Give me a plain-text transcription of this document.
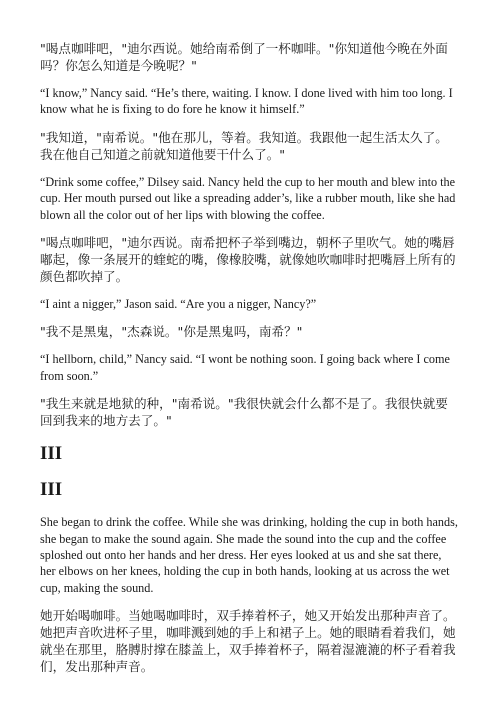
"喝点咖啡吧，"迪尔西说。她给南希倒了一杯咖啡。"你知道他今晚在外面吗？你怎么知道是今晚呢？"

“I know,” Nancy said. “He’s there, waiting. I know. I done lived with him too long. I know what he is fixing to do fore he know it himself.”

"我知道，"南希说。"他在那儿，等着。我知道。我跟他一起生活太久了。我在他自己知道之前就知道他要干什么了。"

“Drink some coffee,” Dilsey said. Nancy held the cup to her mouth and blew into the cup. Her mouth pursed out like a spreading adder’s, like a rubber mouth, like she had blown all the color out of her lips with blowing the coffee.

"喝点咖啡吧，"迪尔西说。南希把杯子举到嘴边，朝杯子里吹气。她的嘴唇嘟起，像一条展开的蝰蛇的嘴，像橡胶嘴，就像她吹咖啡时把嘴唇上所有的颜色都吹掉了。

“I aint a nigger,” Jason said. “Are you a nigger, Nancy?”

"我不是黑鬼，"杰森说。"你是黑鬼吗，南希？"

“I hellborn, child,” Nancy said. “I wont be nothing soon. I going back where I come from soon.”

"我生来就是地狱的种，"南希说。"我很快就会什么都不是了。我很快就要回到我来的地方去了。"

III
III

She began to drink the coffee. While she was drinking, holding the cup in both hands, she began to make the sound again. She made the sound into the cup and the coffee sploshed out onto her hands and her dress. Her eyes looked at us and she sat there, her elbows on her knees, holding the cup in both hands, looking at us across the wet cup, making the sound.

她开始喝咖啡。当她喝咖啡时，双手捧着杯子，她又开始发出那种声音了。她把声音吹进杯子里，咖啡溅到她的手上和裙子上。她的眼睛看着我们，她就坐在那里，胳膊肘撑在膝盖上，双手捧着杯子，隔着湿漉漉的杯子看着我们，发出那种声音。
